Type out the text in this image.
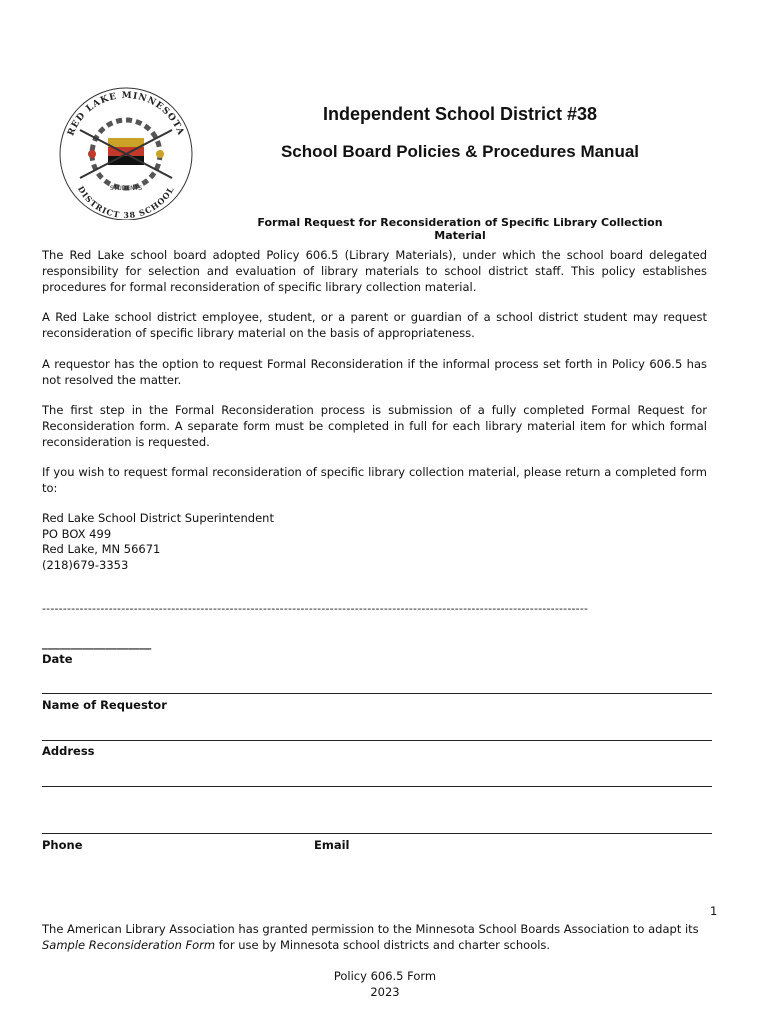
RED LAKE MINNESOTA
DISTRICT 38 SCHOOL
STUDENTS
Independent School District #38
School Board Policies & Procedures Manual
Formal Request for Reconsideration of Specific Library Collection Material
The Red Lake school board adopted Policy 606.5 (Library Materials), under which the school board delegated responsibility for selection and evaluation of library materials to school district staff. This policy establishes procedures for formal reconsideration of specific library collection material.
A Red Lake school district employee, student, or a parent or guardian of a school district student may request reconsideration of specific library material on the basis of appropriateness.
A requestor has the option to request Formal Reconsideration if the informal process set forth in Policy 606.5 has not resolved the matter.
The first step in the Formal Reconsideration process is submission of a fully completed Formal Request for Reconsideration form. A separate form must be completed in full for each library material item for which formal reconsideration is requested.
If you wish to request formal reconsideration of specific library collection material, please return a completed form to:
Red Lake School District Superintendent
PO BOX 499
Red Lake, MN 56671
(218)679-3353
-----------------------------------------------------------------------------------------------------------------------------------
___________________
Date
Name of Requestor
Address
Phone	Email
1
The American Library Association has granted permission to the Minnesota School Boards Association to adapt its
Sample Reconsideration Form for use by Minnesota school districts and charter schools.
Policy 606.5 Form
2023
